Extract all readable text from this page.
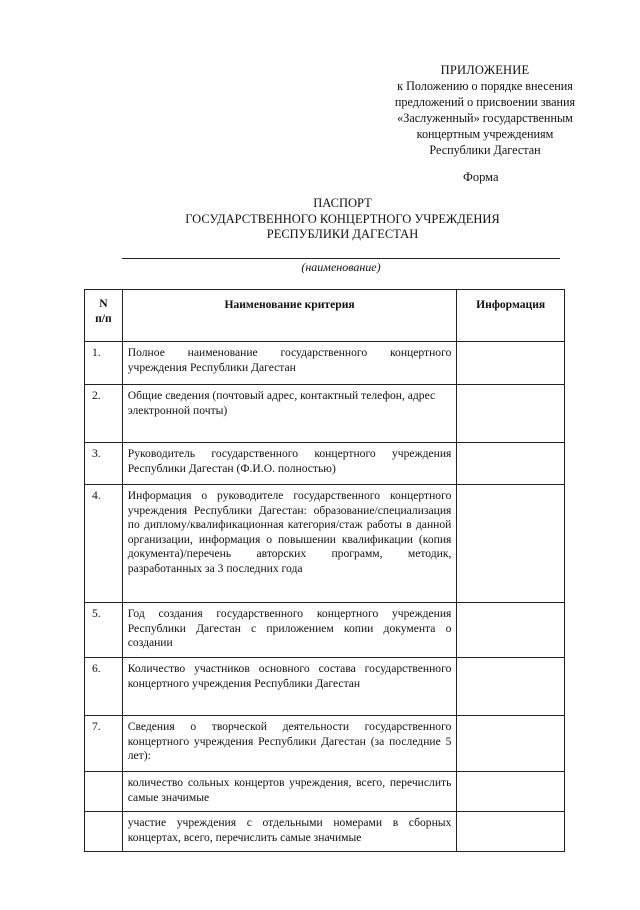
ПРИЛОЖЕНИЕ
к Положению о порядке внесения
предложений о присвоении звания
«Заслуженный» государственным
концертным учреждениям
Республики Дагестан
Форма
ПАСПОРТ
ГОСУДАРСТВЕННОГО КОНЦЕРТНОГО УЧРЕЖДЕНИЯ
РЕСПУБЛИКИ ДАГЕСТАН
(наименование)
N
п/п	Наименование критерия	Информация
1.	Полное наименование государственного концертного учреждения Республики Дагестан	
2.	Общие сведения (почтовый адрес, контактный телефон, адрес электронной почты)	
3.	Руководитель государственного концертного учреждения Республики Дагестан (Ф.И.О. полностью)	
4.	Информация о руководителе государственного концертного учреждения Республики Дагестан: образование/специализация по диплому/квалификационная категория/стаж работы в данной организации, информация о повышении квалификации (копия документа)/перечень авторских программ, методик, разработанных за 3 последних года	
5.	Год создания государственного концертного учреждения Республики Дагестан с приложением копии документа о создании	
6.	Количество участников основного состава государственного концертного учреждения Республики Дагестан	
7.	Сведения о творческой деятельности государственного концертного учреждения Республики Дагестан (за последние 5 лет):	
	количество сольных концертов учреждения, всего, перечислить самые значимые	
	участие учреждения с отдельными номерами в сборных концертах, всего, перечислить самые значимые	
